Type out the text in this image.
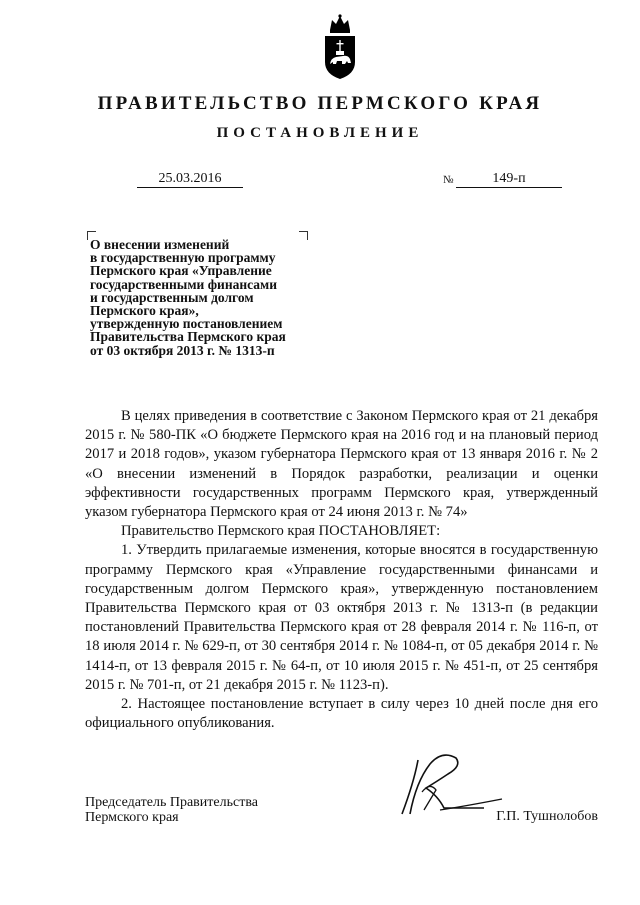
ПРАВИТЕЛЬСТВО ПЕРМСКОГО КРАЯ
ПОСТАНОВЛЕНИЕ
25.03.2016	№	149-п
О внесении изменений
в государственную программу
Пермского края «Управление
государственными финансами
и государственным долгом
Пермского края»,
утвержденную постановлением
Правительства Пермского края
от 03 октября 2013 г. № 1313-п

В целях приведения в соответствие с Законом Пермского края от 21 декабря 2015 г. № 580-ПК «О бюджете Пермского края на 2016 год и на плановый период 2017 и 2018 годов», указом губернатора Пермского края от 13 января 2016 г. № 2 «О внесении изменений в Порядок разработки, реализации и оценки эффективности государственных программ Пермского края, утвержденный указом губернатора Пермского края от 24 июня 2013 г. № 74»

Правительство Пермского края ПОСТАНОВЛЯЕТ:

1. Утвердить прилагаемые изменения, которые вносятся в государственную программу Пермского края «Управление государственными финансами и государственным долгом Пермского края», утвержденную постановлением Правительства Пермского края от 03 октября 2013 г. № 1313-п (в редакции постановлений Правительства Пермского края от 28 февраля 2014 г. № 116-п, от 18 июля 2014 г. № 629-п, от 30 сентября 2014 г. № 1084-п, от 05 декабря 2014 г. № 1414-п, от 13 февраля 2015 г. № 64-п, от 10 июля 2015 г. № 451-п, от 25 сентября 2015 г. № 701-п, от 21 декабря 2015 г. № 1123-п).

2. Настоящее постановление вступает в силу через 10 дней после дня его официального опубликования.

Председатель Правительства
Пермского края	Г.П. Тушнолобов
